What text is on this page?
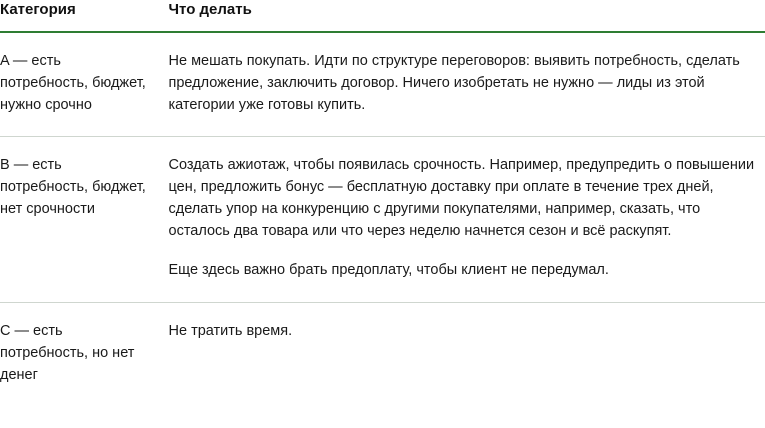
Категория	Что делать
A — есть потребность, бюджет, нужно срочно	Не мешать покупать. Идти по структуре переговоров: выявить потребность, сделать предложение, заключить договор. Ничего изобретать не нужно — лиды из этой категории уже готовы купить.

B — есть потребность, бюджет, нет срочности	Создать ажиотаж, чтобы появилась срочность. Например, предупредить о повышении цен, предложить бонус — бесплатную доставку при оплате в течение трех дней, сделать упор на конкуренцию с другими покупателями, например, сказать, что осталось два товара или что через неделю начнется сезон и всё раскупят.

Еще здесь важно брать предоплату, чтобы клиент не передумал.

C — есть потребность, но нет денег	Не тратить время.
